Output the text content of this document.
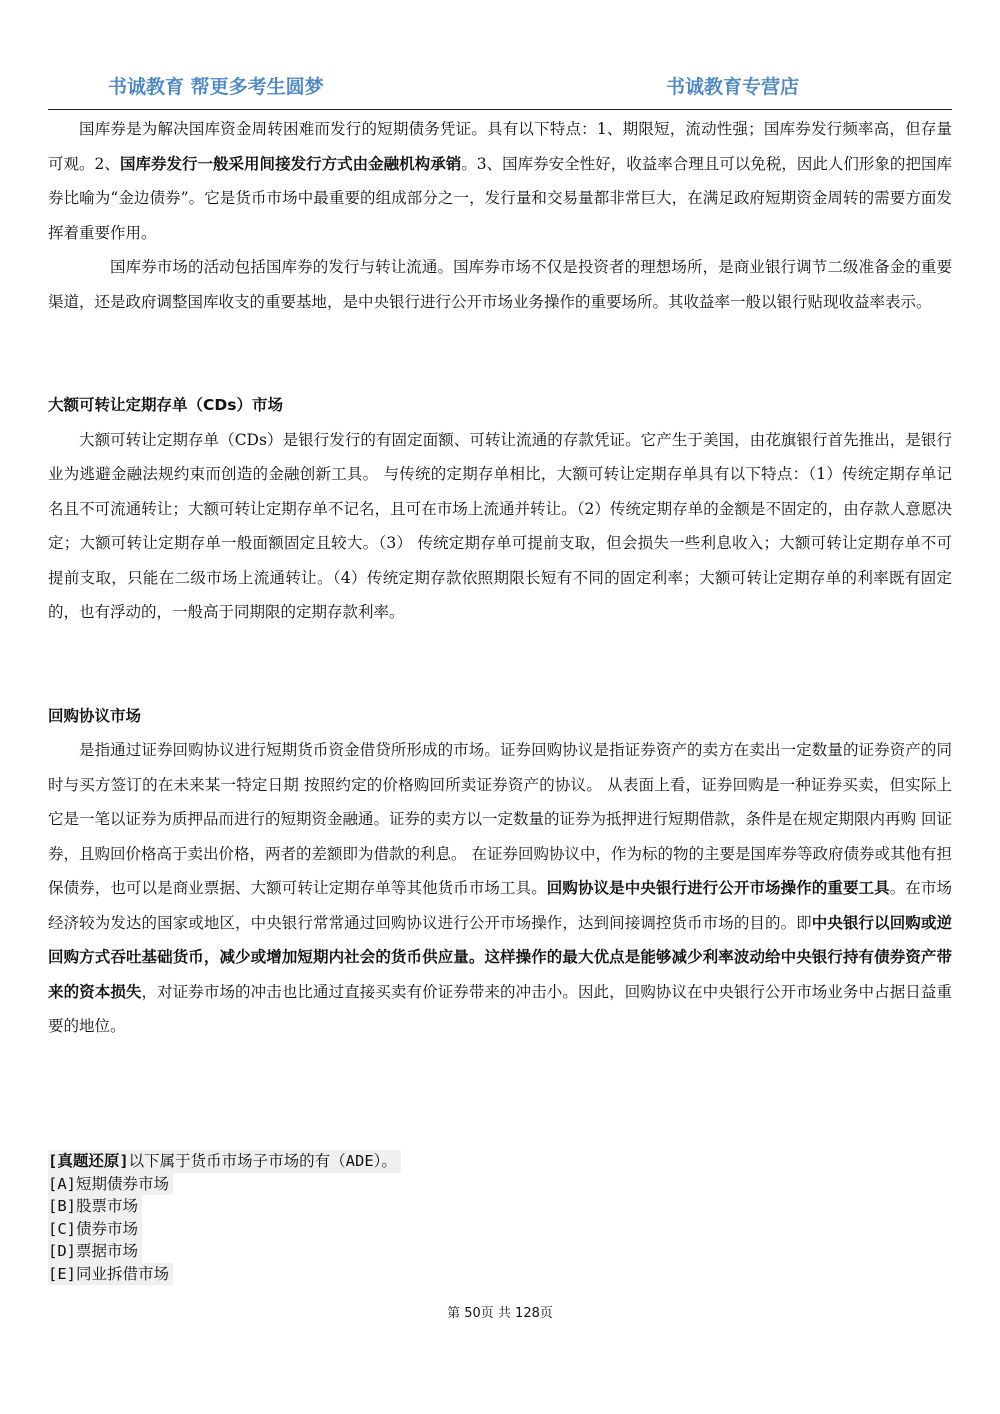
书诚教育 帮更多考生圆梦	书诚教育专营店

国库券是为解决国库资金周转困难而发行的短期债务凭证。具有以下特点：1、期限短，流动性强；国库券发行频率高，但存量可观。2、国库券发行一般采用间接发行方式由金融机构承销。3、国库券安全性好，收益率合理且可以免税，因此人们形象的把国库券比喻为“金边债券”。它是货币市场中最重要的组成部分之一，发行量和交易量都非常巨大，在满足政府短期资金周转的需要方面发挥着重要作用。

国库券市场的活动包括国库券的发行与转让流通。国库券市场不仅是投资者的理想场所，是商业银行调节二级准备金的重要渠道，还是政府调整国库收支的重要基地，是中央银行进行公开市场业务操作的重要场所。其收益率一般以银行贴现收益率表示。

大额可转让定期存单（CDs）市场

大额可转让定期存单（CDs）是银行发行的有固定面额、可转让流通的存款凭证。它产生于美国，由花旗银行首先推出，是银行业为逃避金融法规约束而创造的金融创新工具。 与传统的定期存单相比，大额可转让定期存单具有以下特点：（1）传统定期存单记名且不可流通转让；大额可转让定期存单不记名，且可在市场上流通并转让。（2）传统定期存单的金额是不固定的，由存款人意愿决定；大额可转让定期存单一般面额固定且较大。（3） 传统定期存单可提前支取，但会损失一些利息收入；大额可转让定期存单不可提前支取，只能在二级市场上流通转让。（4）传统定期存款依照期限长短有不同的固定利率；大额可转让定期存单的利率既有固定的，也有浮动的，一般高于同期限的定期存款利率。

回购协议市场

是指通过证券回购协议进行短期货币资金借贷所形成的市场。证券回购协议是指证券资产的卖方在卖出一定数量的证券资产的同时与买方签订的在未来某一特定日期 按照约定的价格购回所卖证券资产的协议。 从表面上看，证券回购是一种证券买卖，但实际上它是一笔以证券为质押品而进行的短期资金融通。证券的卖方以一定数量的证券为抵押进行短期借款，条件是在规定期限内再购 回证券，且购回价格高于卖出价格，两者的差额即为借款的利息。 在证券回购协议中，作为标的物的主要是国库券等政府债券或其他有担保债券，也可以是商业票据、大额可转让定期存单等其他货币市场工具。回购协议是中央银行进行公开市场操作的重要工具。在市场经济较为发达的国家或地区，中央银行常常通过回购协议进行公开市场操作，达到间接调控货币市场的目的。即中央银行以回购或逆回购方式吞吐基础货币，减少或增加短期内社会的货币供应量。这样操作的最大优点是能够减少利率波动给中央银行持有债券资产带来的资本损失，对证券市场的冲击也比通过直接买卖有价证券带来的冲击小。因此，回购协议在中央银行公开市场业务中占据日益重要的地位。

[真题还原]以下属于货币市场子市场的有（ADE）。
[A]短期债券市场
[B]股票市场
[C]债券市场
[D]票据市场
[E]同业拆借市场
第 50页 共 128页
